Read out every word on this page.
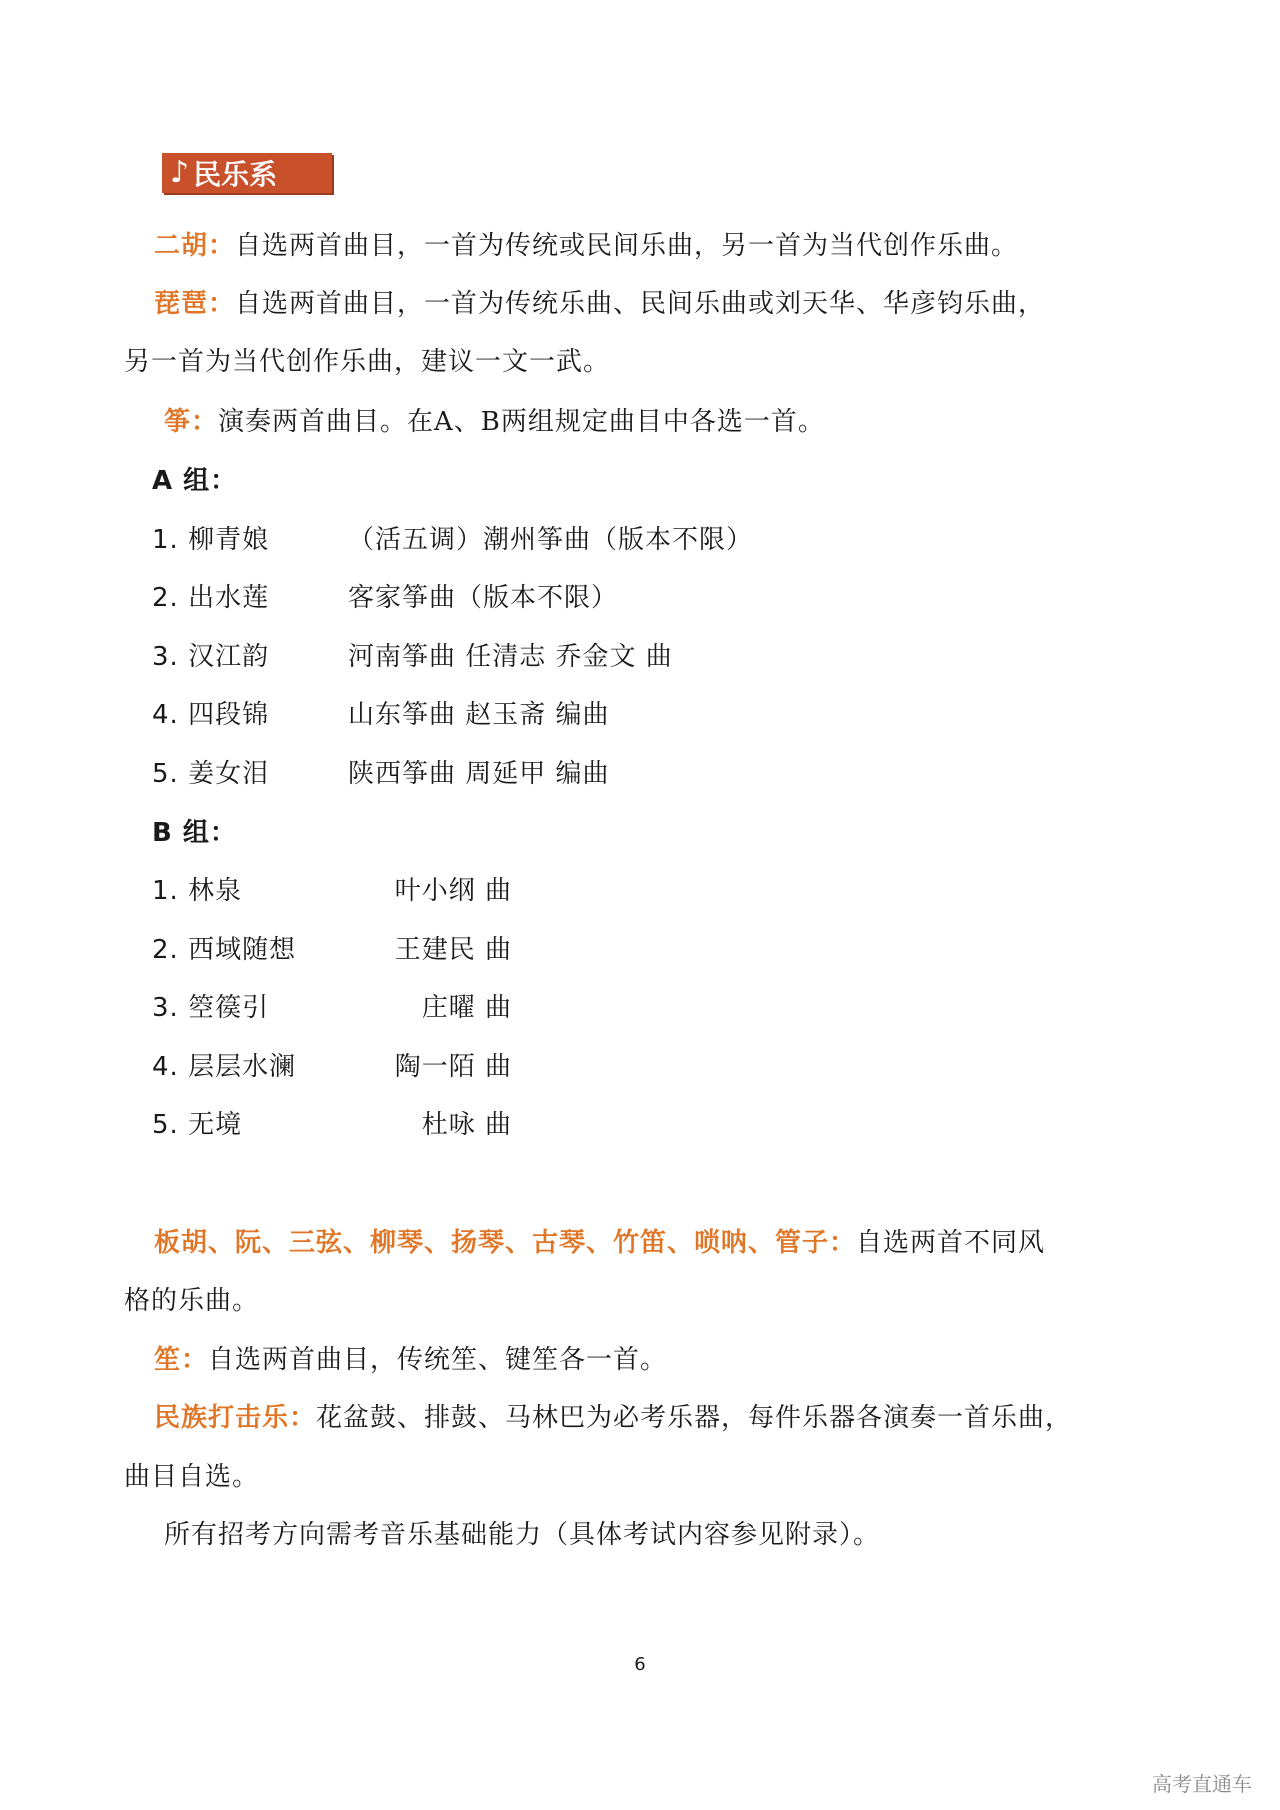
♪ 民乐系
二胡：自选两首曲目，一首为传统或民间乐曲，另一首为当代创作乐曲。
琵琶：自选两首曲目，一首为传统乐曲、民间乐曲或刘天华、华彦钧乐曲，
另一首为当代创作乐曲，建议一文一武。
筝：演奏两首曲目。在A、B两组规定曲目中各选一首。
A 组：
1. 柳青娘	（活五调）潮州筝曲（版本不限）
2. 出水莲	客家筝曲（版本不限）
3. 汉江韵	河南筝曲 任清志 乔金文 曲
4. 四段锦	山东筝曲 赵玉斋 编曲
5. 姜女泪	陕西筝曲 周延甲 编曲
B 组：
1. 林泉	叶小纲 曲
2. 西域随想	王建民 曲
3. 箜篌引	庄曜 曲
4. 层层水澜	陶一陌 曲
5. 无境	杜咏 曲
板胡、阮、三弦、柳琴、扬琴、古琴、竹笛、唢呐、管子：自选两首不同风
格的乐曲。
笙：自选两首曲目，传统笙、键笙各一首。
民族打击乐：花盆鼓、排鼓、马林巴为必考乐器，每件乐器各演奏一首乐曲，
曲目自选。
所有招考方向需考音乐基础能力（具体考试内容参见附录）。
6
高考直通车
